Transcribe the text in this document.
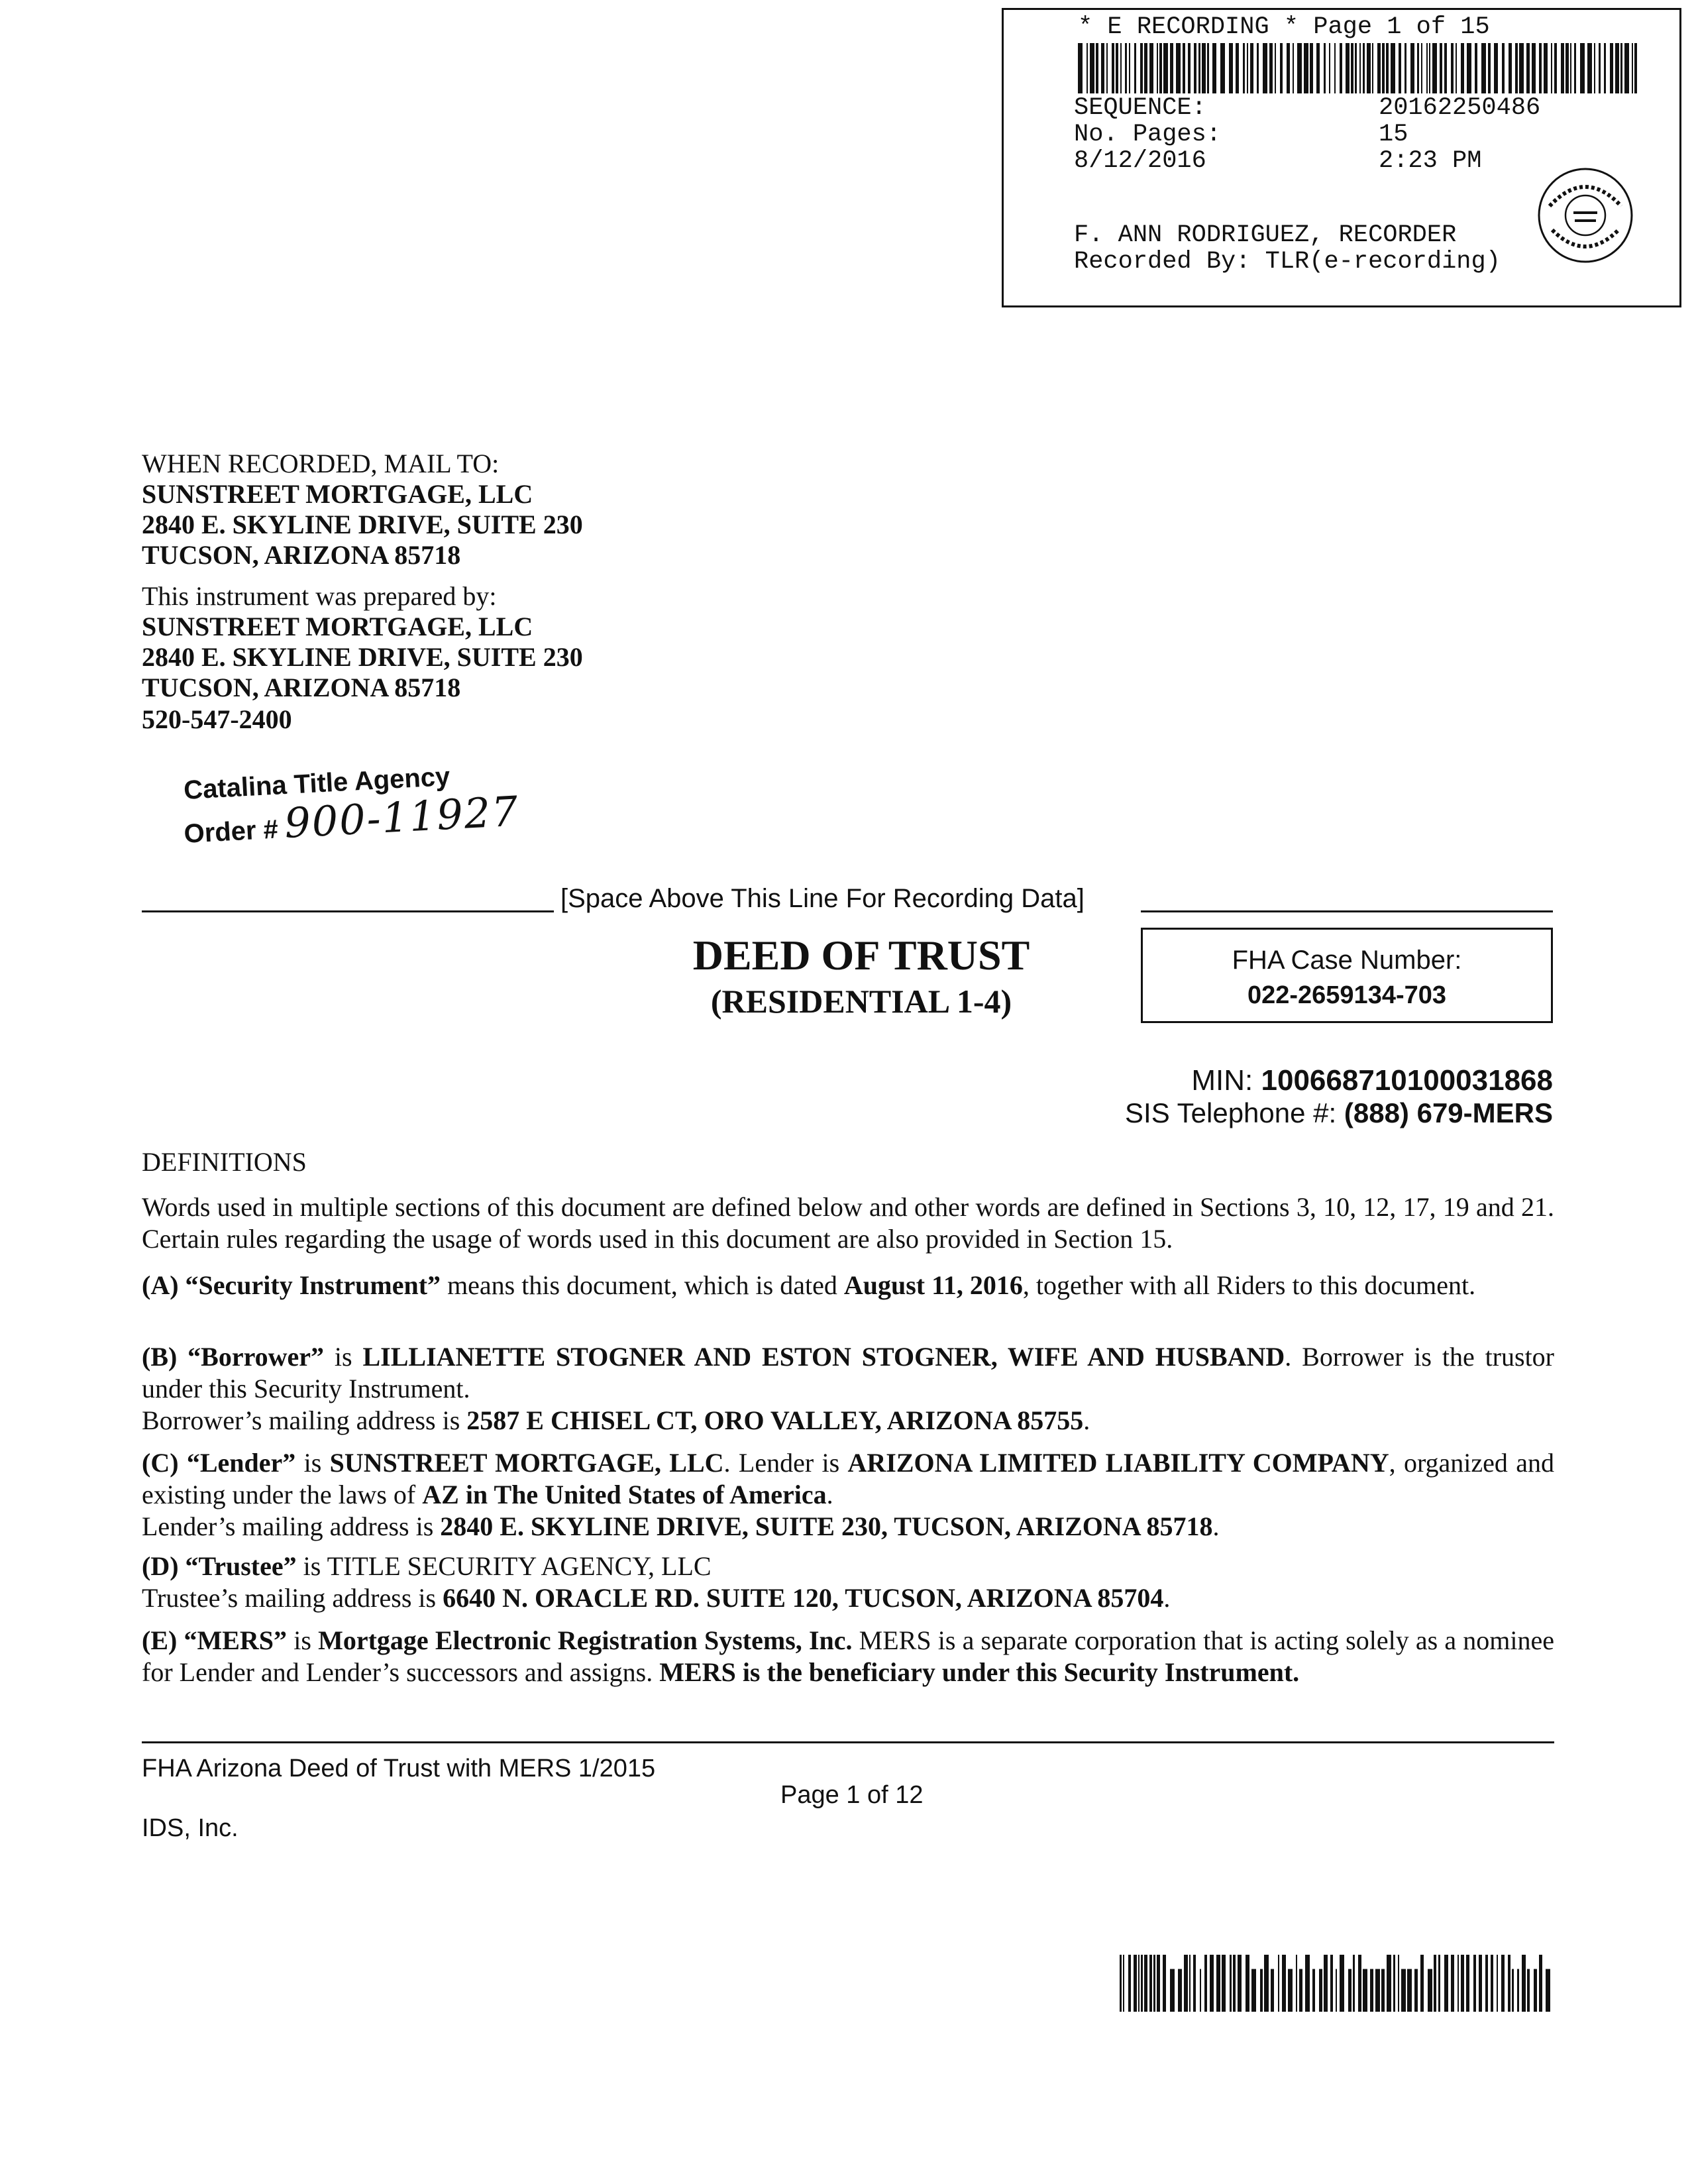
* E RECORDING * Page 1 of 15
SEQUENCE:	20162250486
No. Pages:	15
8/12/2016	2:23 PM
F. ANN RODRIGUEZ, RECORDER
Recorded By: TLR(e-recording)
WHEN RECORDED, MAIL TO:
SUNSTREET MORTGAGE, LLC
2840 E. SKYLINE DRIVE, SUITE 230
TUCSON, ARIZONA 85718
This instrument was prepared by:
SUNSTREET MORTGAGE, LLC
2840 E. SKYLINE DRIVE, SUITE 230
TUCSON, ARIZONA 85718
520-547-2400
Catalina Title Agency
Order # 900-11927
[Space Above This Line For Recording Data]
DEED OF TRUST
(RESIDENTIAL 1-4)
FHA Case Number:
022-2659134-703
MIN: 100668710100031868
SIS Telephone #: (888) 679-MERS
DEFINITIONS
Words used in multiple sections of this document are defined below and other words are defined in Sections 3, 10, 12, 17, 19 and 21. Certain rules regarding the usage of words used in this document are also provided in Section 15.
(A) “Security Instrument” means this document, which is dated August 11, 2016, together with all Riders to this document.
(B) “Borrower” is LILLIANETTE STOGNER AND ESTON STOGNER, WIFE AND HUSBAND. Borrower is the trustor under this Security Instrument.
Borrower’s mailing address is 2587 E CHISEL CT, ORO VALLEY, ARIZONA 85755.
(C) “Lender” is SUNSTREET MORTGAGE, LLC. Lender is ARIZONA LIMITED LIABILITY COMPANY, organized and existing under the laws of AZ in The United States of America.
Lender’s mailing address is 2840 E. SKYLINE DRIVE, SUITE 230, TUCSON, ARIZONA 85718.
(D) “Trustee” is TITLE SECURITY AGENCY, LLC
Trustee’s mailing address is 6640 N. ORACLE RD. SUITE 120, TUCSON, ARIZONA 85704.
(E) “MERS” is Mortgage Electronic Registration Systems, Inc. MERS is a separate corporation that is acting solely as a nominee for Lender and Lender’s successors and assigns. MERS is the beneficiary under this Security Instrument.
FHA Arizona Deed of Trust with MERS 1/2015
Page 1 of 12
IDS, Inc.
